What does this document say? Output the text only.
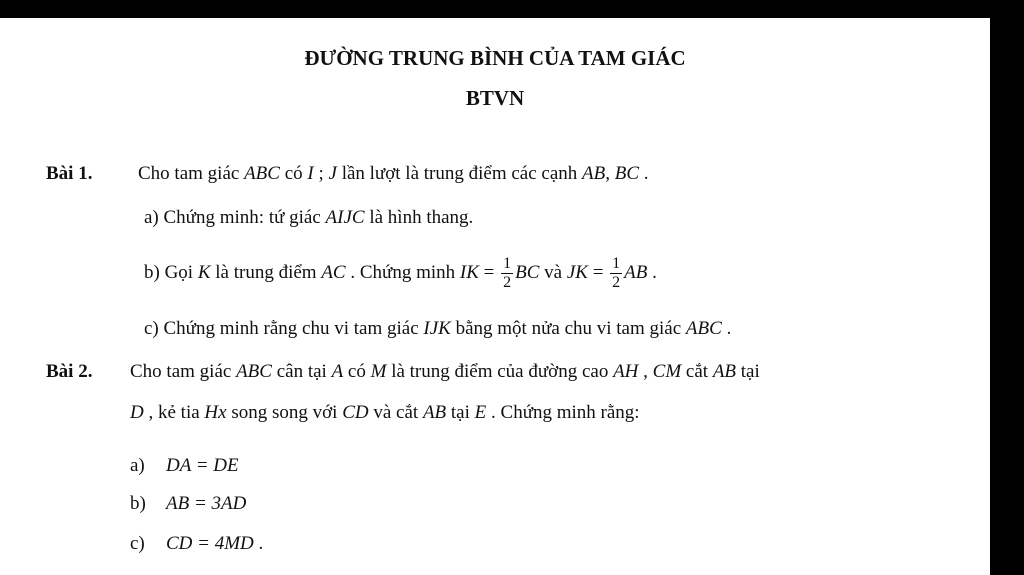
ĐƯỜNG TRUNG BÌNH CỦA TAM GIÁC
BTVN
Bài 1. Cho tam giác ABC có I ; J lần lượt là trung điểm các cạnh AB, BC .
a) Chứng minh: tứ giác AIJC là hình thang.
b) Gọi K là trung điểm AC . Chứng minh IK = $\frac{1}{2}$ BC và JK = $\frac{1}{2}$ AB .
c) Chứng minh rằng chu vi tam giác IJK bằng một nửa chu vi tam giác ABC .
Bài 2. Cho tam giác ABC cân tại A có M là trung điểm của đường cao AH , CM cắt AB tại
D , kẻ tia Hx song song với CD và cắt AB tại E . Chứng minh rằng:
a) DA = DE
b) AB = 3AD
c) CD = 4MD .
